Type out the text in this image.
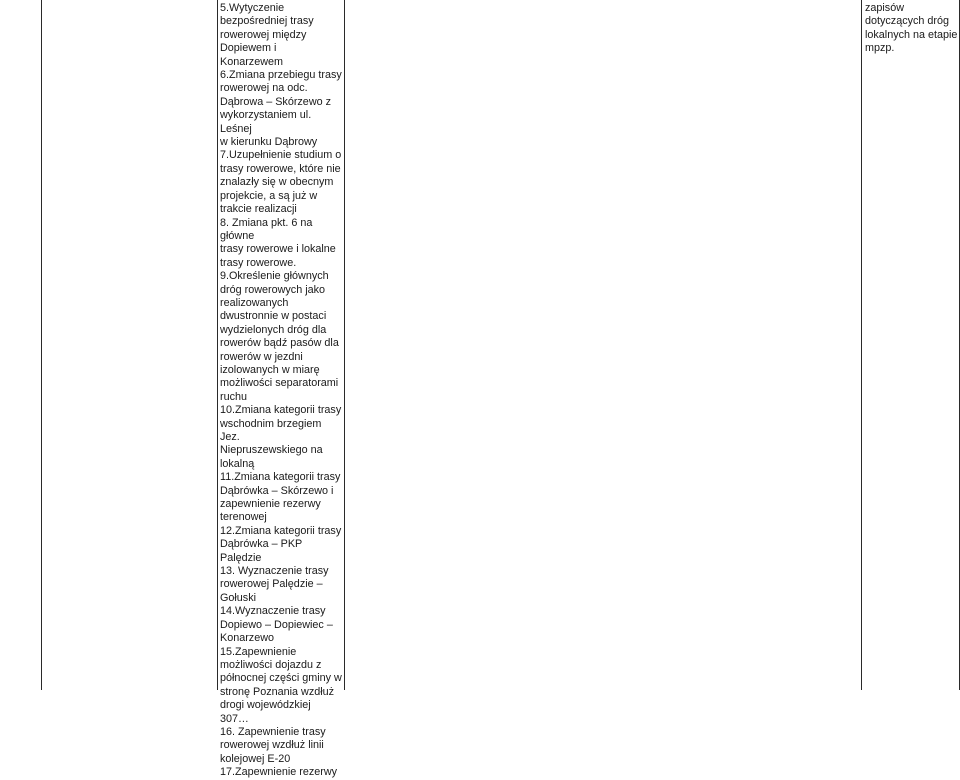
5.Wytyczenie
bezpośredniej trasy
rowerowej między
Dopiewem i Konarzewem
6.Zmiana przebiegu trasy
rowerowej na odc.
Dąbrowa – Skórzewo z
wykorzystaniem ul. Leśnej
w kierunku Dąbrowy
7.Uzupełnienie studium o
trasy rowerowe, które nie
znalazły się w obecnym
projekcie, a są już w
trakcie realizacji
8. Zmiana pkt. 6 na główne
trasy rowerowe i lokalne
trasy rowerowe.
9.Określenie głównych
dróg rowerowych jako
realizowanych
dwustronnie w postaci
wydzielonych dróg dla
rowerów bądź pasów dla
rowerów w jezdni
izolowanych w miarę
możliwości separatorami
ruchu
10.Zmiana kategorii trasy
wschodnim brzegiem Jez.
Niepruszewskiego na
lokalną
11.Zmiana kategorii trasy
Dąbrówka – Skórzewo i
zapewnienie rezerwy
terenowej
12.Zmiana kategorii trasy
Dąbrówka – PKP Palędzie
13. Wyznaczenie trasy
rowerowej Palędzie –
Gołuski
14.Wyznaczenie trasy
Dopiewo – Dopiewiec –
Konarzewo
15.Zapewnienie
możliwości dojazdu z
północnej części gminy w
stronę Poznania wzdłuż
drogi wojewódzkiej 307…
16. Zapewnienie trasy
rowerowej wzdłuż linii
kolejowej E-20
17.Zapewnienie rezerwy
zapisów
dotyczących dróg
lokalnych na etapie
mpzp.
